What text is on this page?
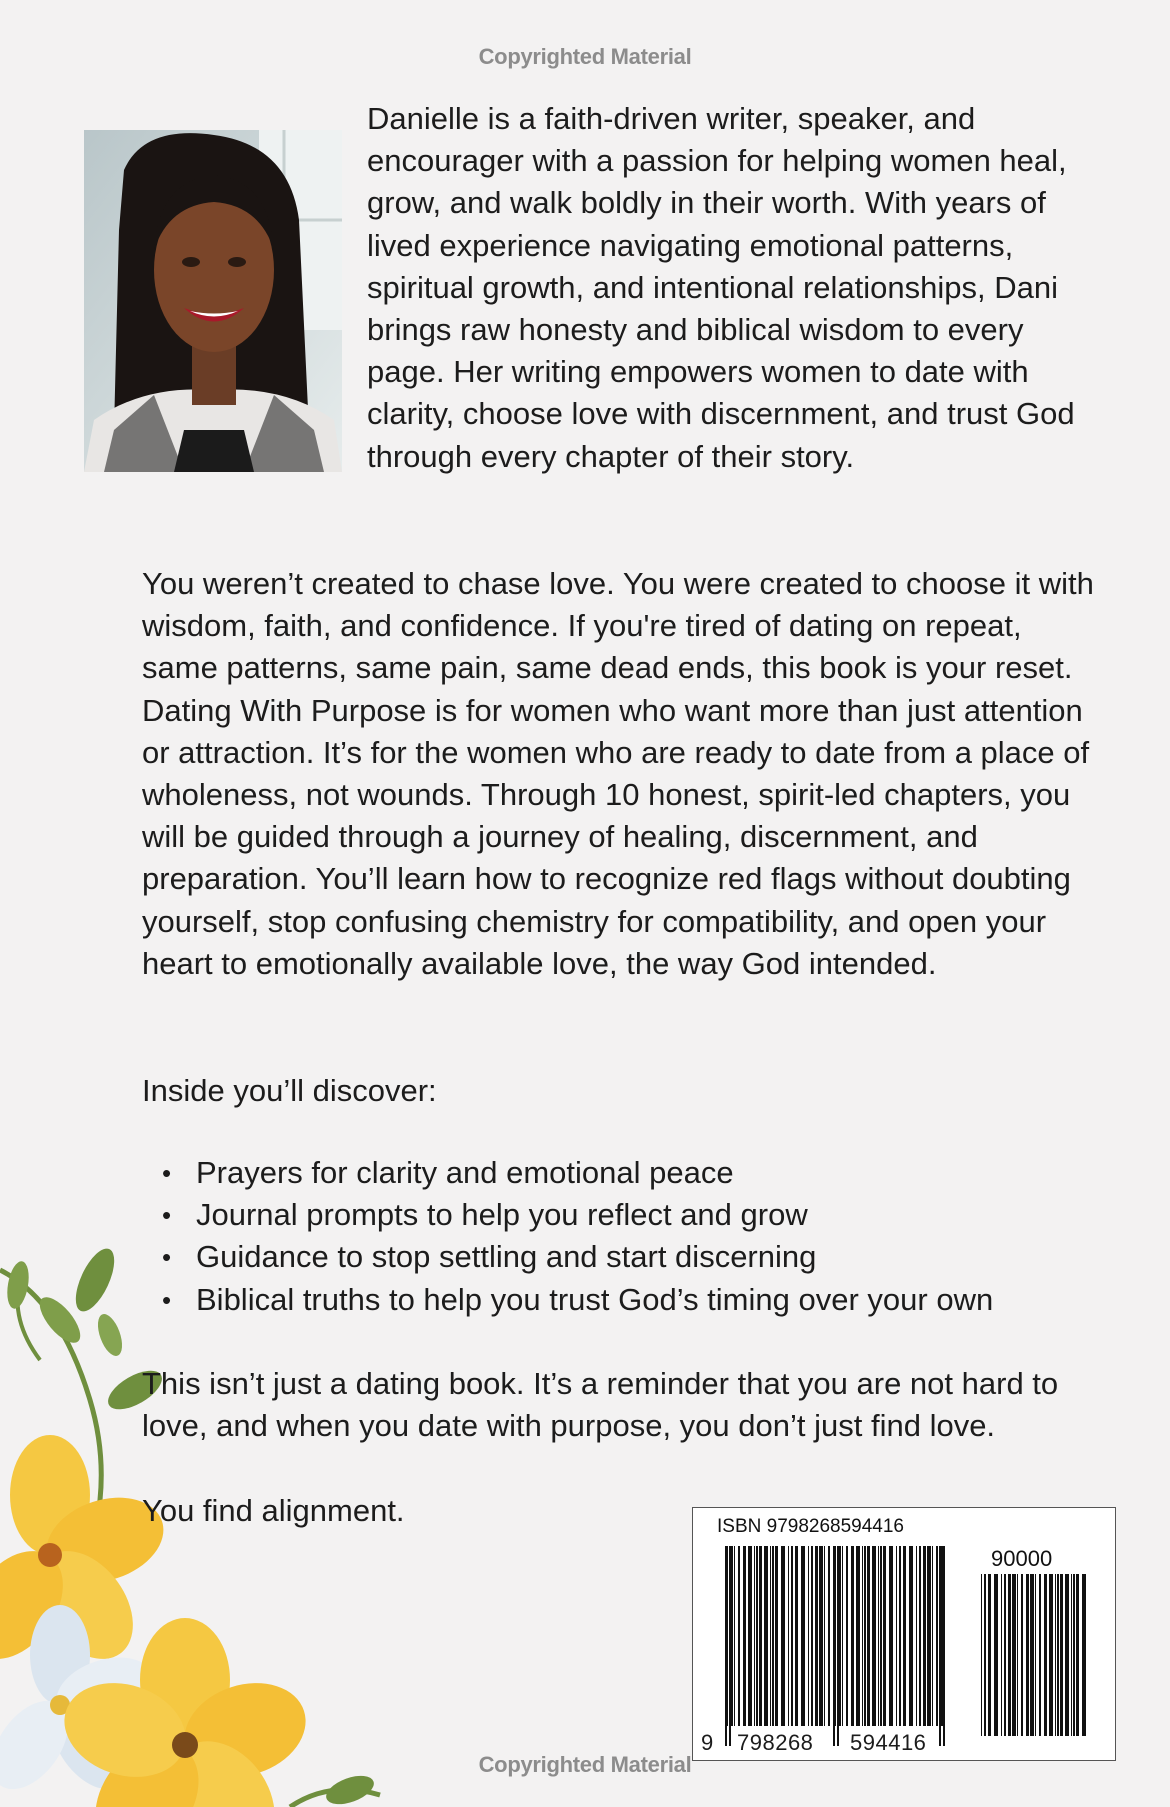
Copyrighted Material

Danielle is a faith-driven writer, speaker, and encourager with a passion for helping women heal, grow, and walk boldly in their worth. With years of lived experience navigating emotional patterns, spiritual growth, and intentional relationships, Dani brings raw honesty and biblical wisdom to every page. Her writing empowers women to date with clarity, choose love with discernment, and trust God through every chapter of their story.

You weren’t created to chase love. You were created to choose it with wisdom, faith, and confidence. If you're tired of dating on repeat, same patterns, same pain, same dead ends, this book is your reset. Dating With Purpose is for women who want more than just attention or attraction. It’s for the women who are ready to date from a place of wholeness, not wounds. Through 10 honest, spirit-led chapters, you will be guided through a journey of healing, discernment, and preparation. You’ll learn how to recognize red flags without doubting yourself, stop confusing chemistry for compatibility, and open your heart to emotionally available love, the way God intended.

Inside you’ll discover:

• Prayers for clarity and emotional peace
• Journal prompts to help you reflect and grow
• Guidance to stop settling and start discerning
• Biblical truths to help you trust God’s timing over your own

This isn’t just a dating book. It’s a reminder that you are not hard to love, and when you date with purpose, you don’t just find love.

You find alignment.	ISBN 9798268594416
90000
9 798268 594416
Copyrighted Material
